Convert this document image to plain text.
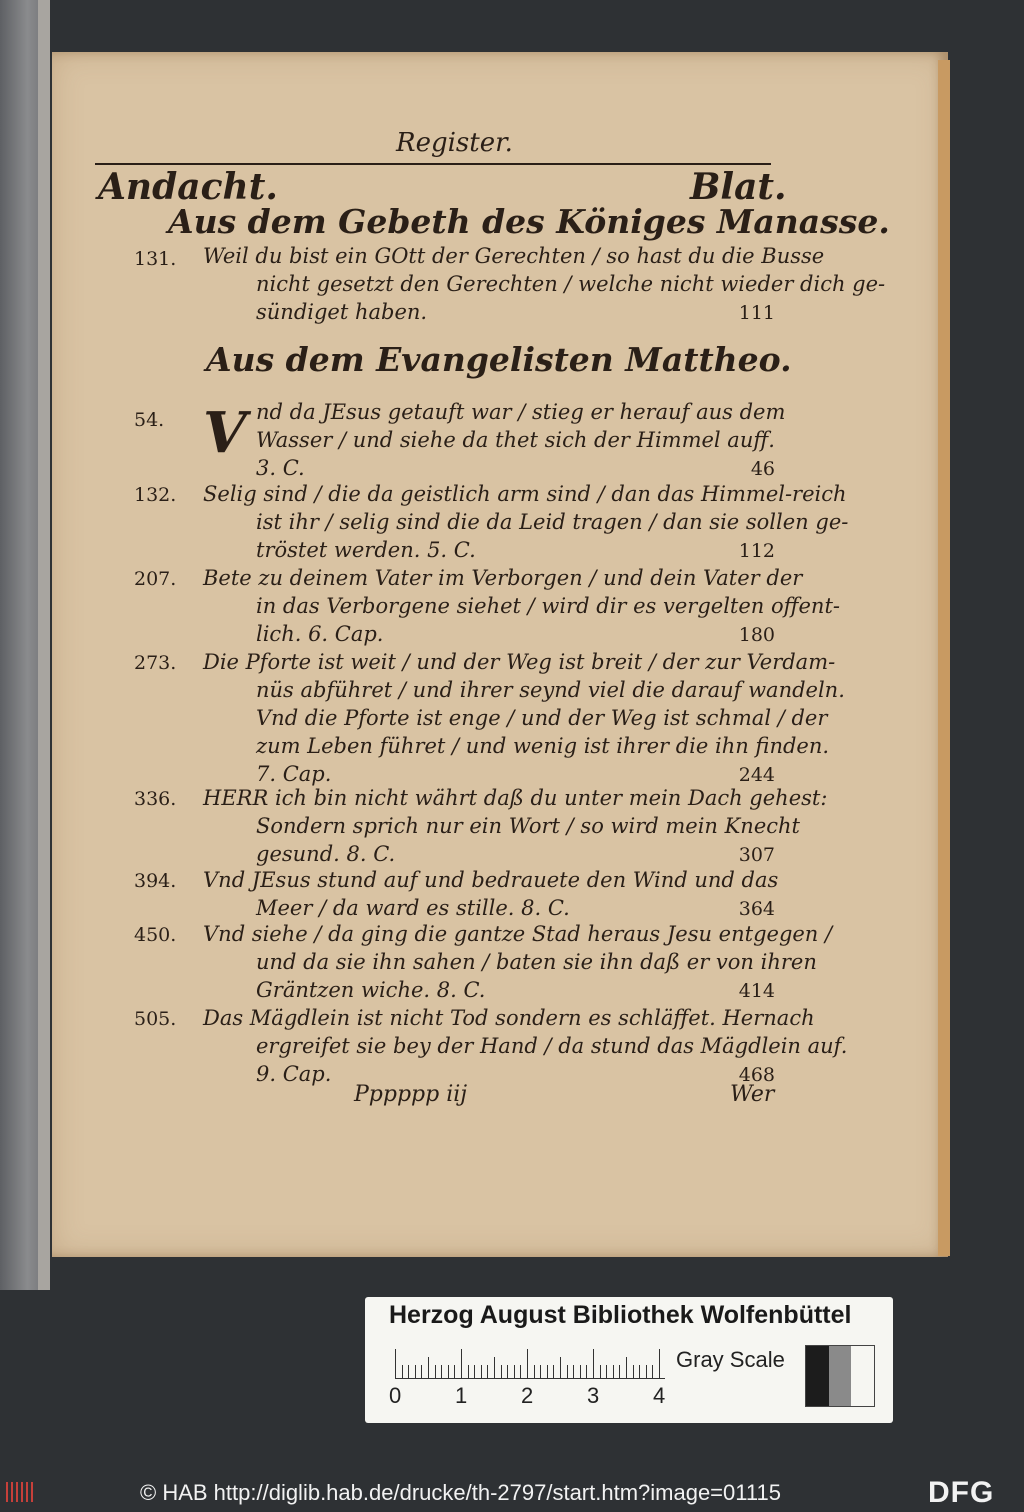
Register.
Andacht.	Blat.
Aus dem Gebeth des Königes Manasse.
Aus dem Evangelisten Mattheo.
V
131. Weil du bist ein GOtt der Gerechten / so hast du die Busse
nicht gesetzt den Gerechten / welche nicht wieder dich ge-
sündiget haben.	111
54.	nd da JEsus getauft war / stieg er herauf aus dem
Wasser / und siehe da thet sich der Himmel auff.
3. C.	46
132. Selig sind / die da geistlich arm sind / dan das Himmel-reich
ist ihr / selig sind die da Leid tragen / dan sie sollen ge-
tröstet werden. 5. C.	112
207. Bete zu deinem Vater im Verborgen / und dein Vater der
in das Verborgene siehet / wird dir es vergelten offent-
lich. 6. Cap.	180
273. Die Pforte ist weit / und der Weg ist breit / der zur Verdam-
nüs abführet / und ihrer seynd viel die darauf wandeln.
Vnd die Pforte ist enge / und der Weg ist schmal / der
zum Leben führet / und wenig ist ihrer die ihn finden.
7. Cap.	244
336. HERR ich bin nicht währt daß du unter mein Dach gehest:
Sondern sprich nur ein Wort / so wird mein Knecht
gesund. 8. C.	307
394. Vnd JEsus stund auf und bedrauete den Wind und das
Meer / da ward es stille. 8. C.	364
450. Vnd siehe / da ging die gantze Stad heraus Jesu entgegen /
und da sie ihn sahen / baten sie ihn daß er von ihren
Gräntzen wiche. 8. C.	414
505. Das Mägdlein ist nicht Tod sondern es schläffet. Hernach
ergreifet sie bey der Hand / da stund das Mägdlein auf.
9. Cap.	468
Pppppp iij	Wer
Herzog August Bibliothek Wolfenbüttel
Gray Scale
0 1 2 3 4
© HAB http://diglib.hab.de/drucke/th-2797/start.htm?image=01115	DFG
